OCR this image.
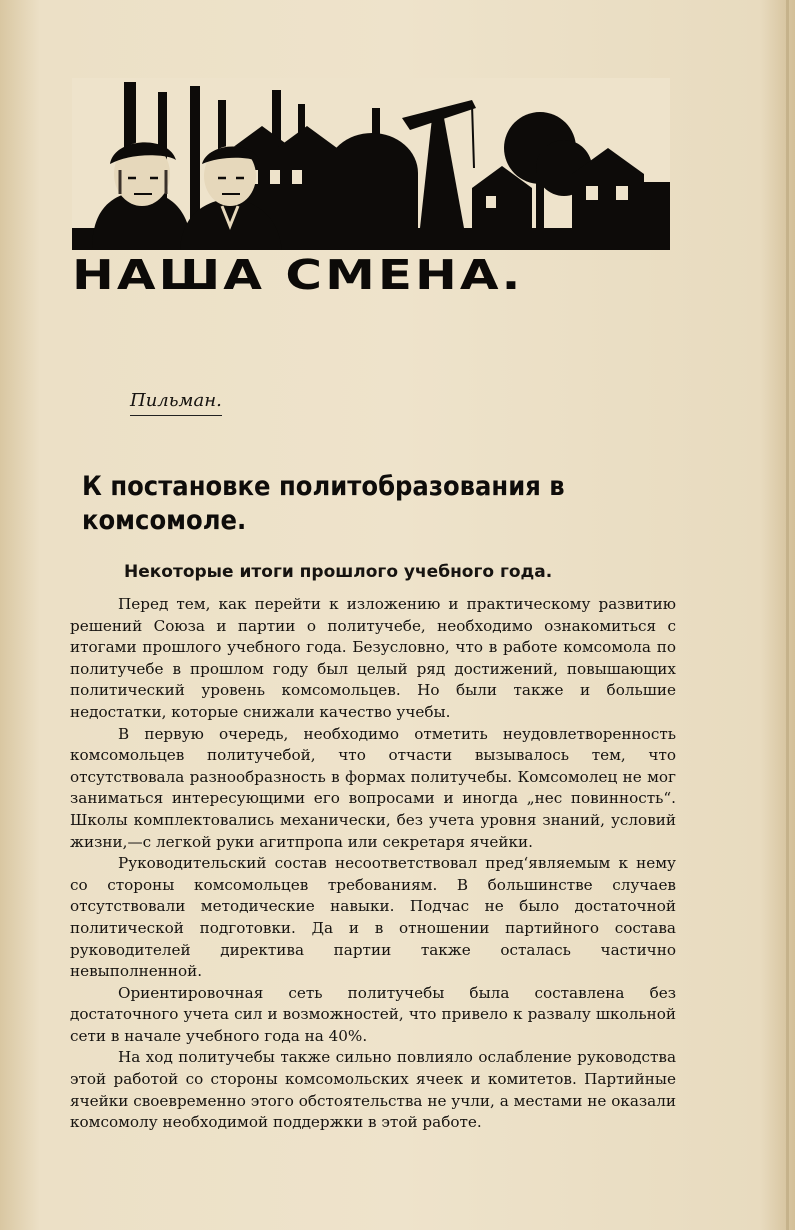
НАША СМЕНА.
Пильман.
К постановке политобразования в комсомоле.
Некоторые итоги прошлого учебного года.

Перед тем, как перейти к изложению и практическому развитию решений Союза и партии о политучебе, необходимо ознакомиться с итогами прошлого учебного года. Безусловно, что в работе комсомола по политучебе в прошлом году был целый ряд достижений, повышающих политический уровень комсомольцев. Но были также и большие недостатки, которые снижали качество учебы.

В первую очередь, необходимо отметить неудовлетворенность комсомольцев политучебой, что отчасти вызывалось тем, что отсутствовала разнообразность в формах политучебы. Комсомолец не мог заниматься интересующими его вопросами и иногда „нес повинность“. Школы комплектовались механически, без учета уровня знаний, условий жизни,—с легкой руки агитпропа или секретаря ячейки.

Руководительский состав несоответствовал пред‘являемым к нему со стороны комсомольцев требованиям. В большинстве случаев отсутствовали методические навыки. Подчас не было достаточной политической подготовки. Да и в отношении партийного состава руководителей директива партии также осталась частично невыполненной.

Ориентировочная сеть политучебы была составлена без достаточного учета сил и возможностей, что привело к развалу школьной сети в начале учебного года на 40%.

На ход политучебы также сильно повлияло ослабление руководства этой работой со стороны комсомольских ячеек и комитетов. Партийные ячейки своевременно этого обстоятельства не учли, а местами не оказали комсомолу необходимой поддержки в этой работе.
